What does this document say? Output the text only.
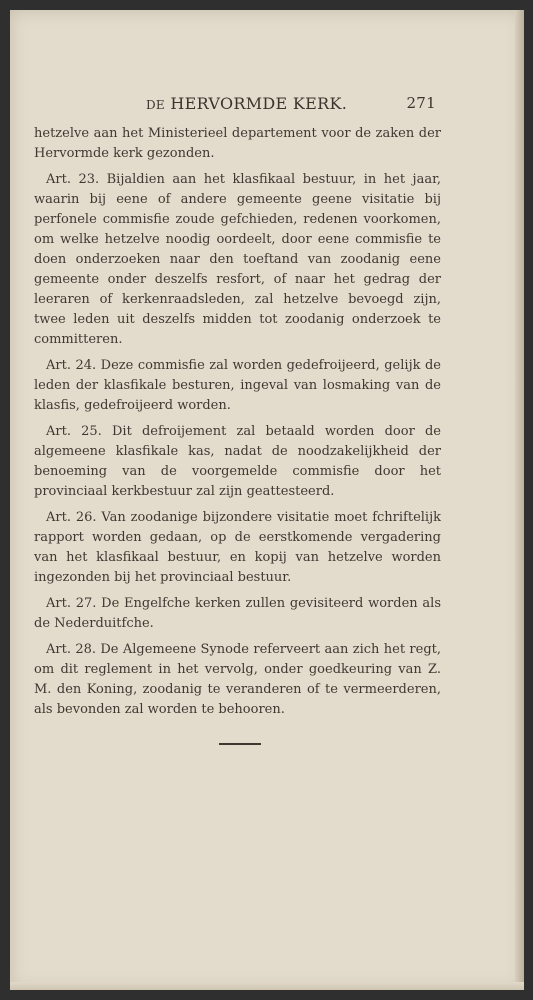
DE HERVORMDE KERK.	271

hetzelve aan het Ministerieel departement voor de zaken der Hervormde kerk gezonden.

Art. 23. Bijaldien aan het klasfikaal bestuur, in het jaar, waarin bij eene of andere gemeente geene visitatie bij perfonele commisfie zoude gefchieden, redenen voorkomen, om welke hetzelve noodig oordeelt, door eene commisfie te doen onderzoeken naar den toeftand van zoodanig eene gemeente onder deszelfs resfort, of naar het gedrag der leeraren of kerkenraadsleden, zal hetzelve bevoegd zijn, twee leden uit deszelfs midden tot zoodanig onderzoek te committeren.

Art. 24. Deze commisfie zal worden gedefroijeerd, gelijk de leden der klasfikale besturen, ingeval van losmaking van de klasfis, gedefroijeerd worden.

Art. 25. Dit defroijement zal betaald worden door de algemeene klasfikale kas, nadat de noodzakelijkheid der benoeming van de voorgemelde commisfie door het provinciaal kerkbestuur zal zijn geattesteerd.

Art. 26. Van zoodanige bijzondere visitatie moet fchriftelijk rapport worden gedaan, op de eerstkomende vergadering van het klasfikaal bestuur, en kopij van hetzelve worden ingezonden bij het provinciaal bestuur.

Art. 27. De Engelfche kerken zullen gevisiteerd worden als de Nederduitfche.

Art. 28. De Algemeene Synode referveert aan zich het regt, om dit reglement in het vervolg, onder goedkeuring van Z. M. den Koning, zoodanig te veranderen of te vermeerderen, als bevonden zal worden te behooren.
